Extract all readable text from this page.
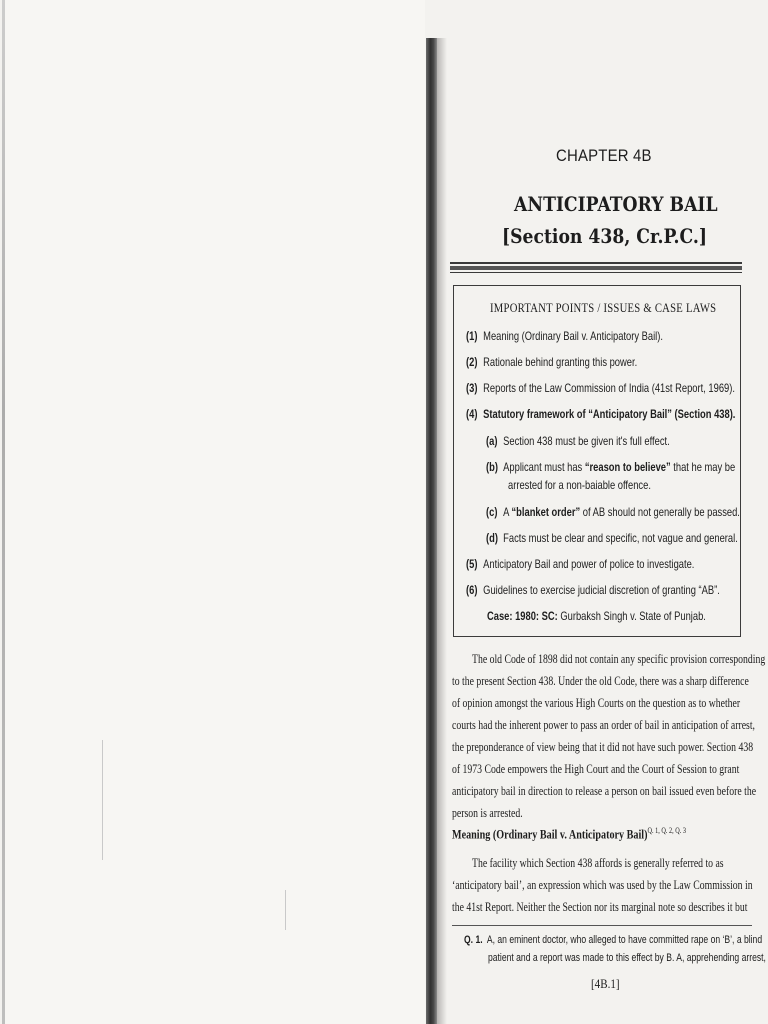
CHAPTER 4B
ANTICIPATORY BAIL
[Section 438, Cr.P.C.]
IMPORTANT POINTS / ISSUES & CASE LAWS
(1) Meaning (Ordinary Bail v. Anticipatory Bail).
(2) Rationale behind granting this power.
(3) Reports of the Law Commission of India (41st Report, 1969).
(4) Statutory framework of “Anticipatory Bail” (Section 438).
(a) Section 438 must be given it's full effect.
(b) Applicant must has “reason to believe” that he may be
arrested for a non-baiable offence.
(c) A “blanket order” of AB should not generally be passed.
(d) Facts must be clear and specific, not vague and general.
(5) Anticipatory Bail and power of police to investigate.
(6) Guidelines to exercise judicial discretion of granting “AB”.
Case: 1980: SC: Gurbaksh Singh v. State of Punjab.
The old Code of 1898 did not contain any specific provision corresponding
to the present Section 438. Under the old Code, there was a sharp difference
of opinion amongst the various High Courts on the question as to whether
courts had the inherent power to pass an order of bail in anticipation of arrest,
the preponderance of view being that it did not have such power. Section 438
of 1973 Code empowers the High Court and the Court of Session to grant
anticipatory bail in direction to release a person on bail issued even before the
person is arrested.
Meaning (Ordinary Bail v. Anticipatory Bail)$^{Q. 1, Q. 2, Q. 3}$
The facility which Section 438 affords is generally referred to as
‘anticipatory bail’, an expression which was used by the Law Commission in
the 41st Report. Neither the Section nor its marginal note so describes it but
Q. 1. A, an eminent doctor, who alleged to have committed rape on ‘B’, a blind
patient and a report was made to this effect by B. A, apprehending arrest,
[4B.1]
